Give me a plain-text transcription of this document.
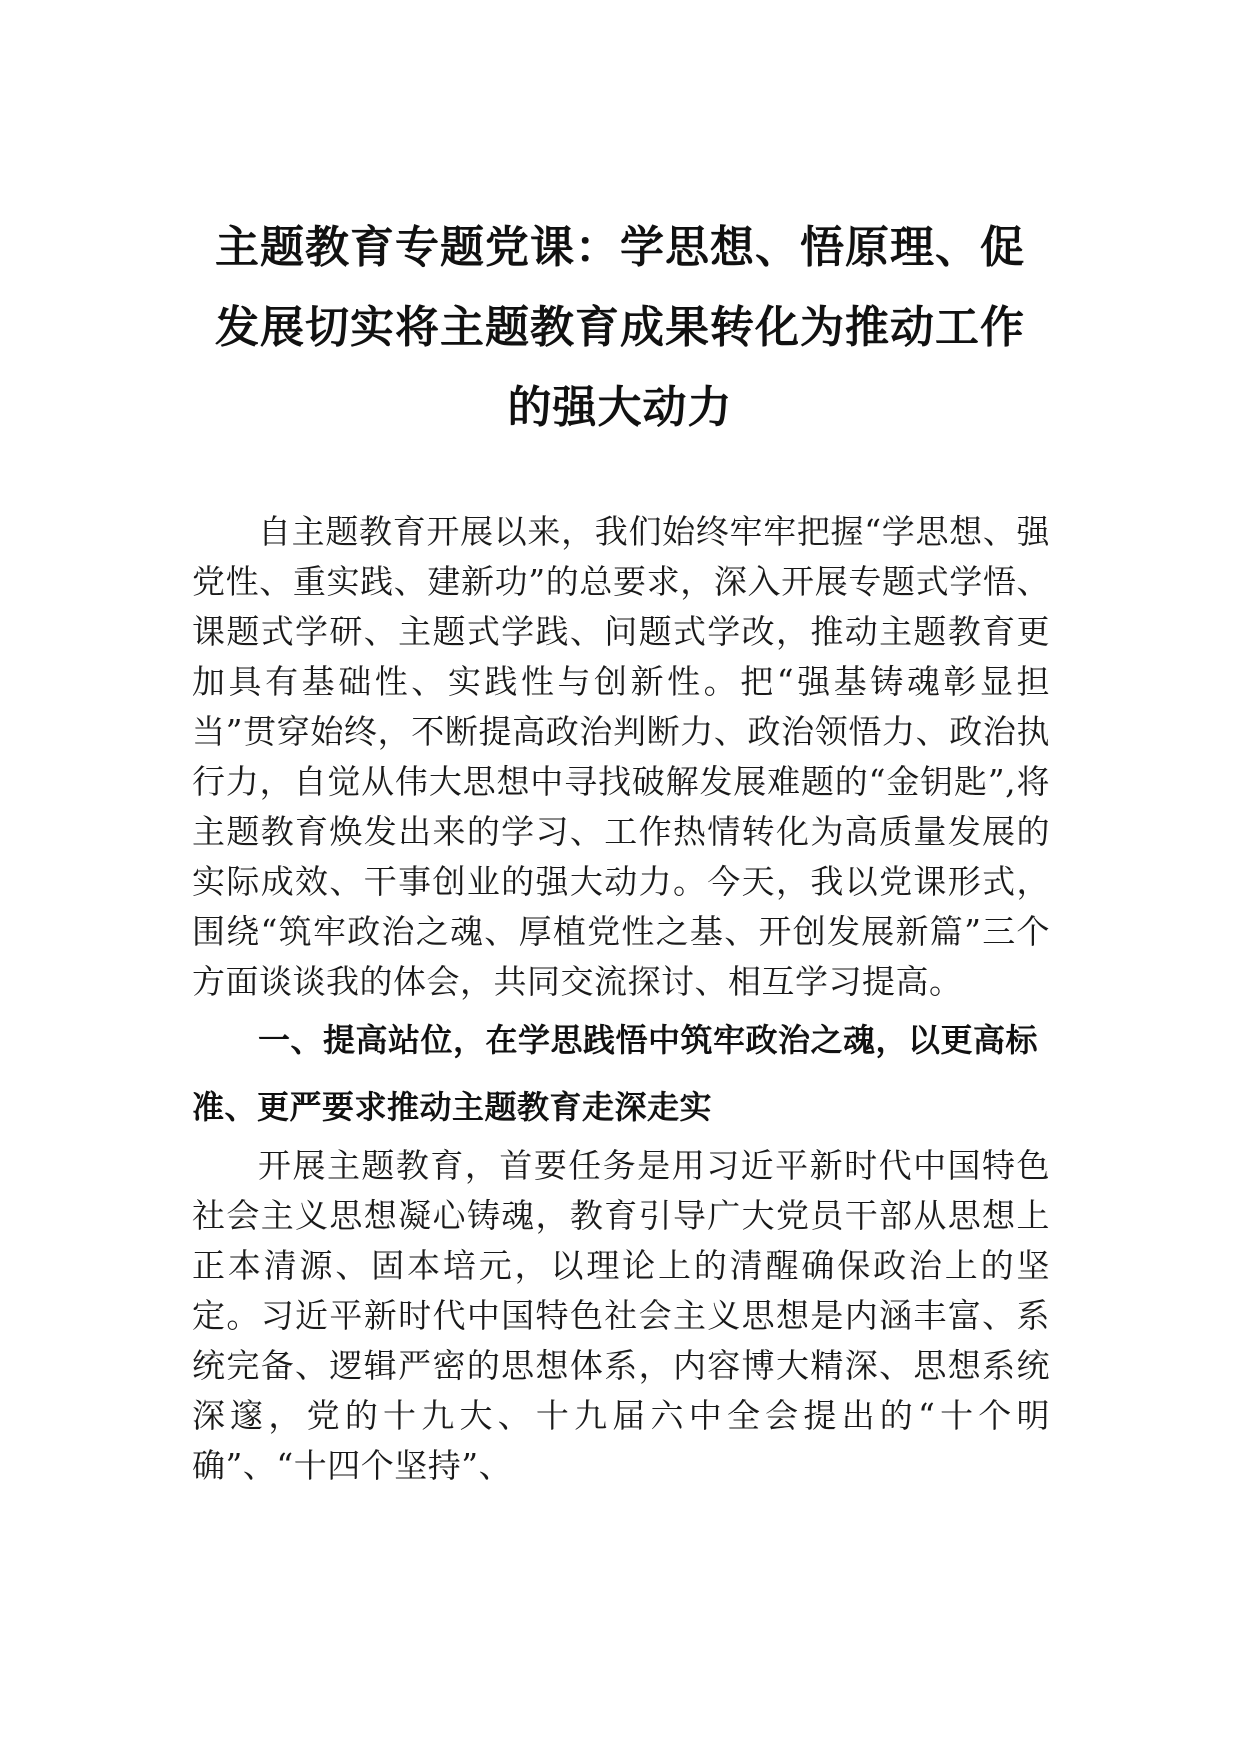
主题教育专题党课：学思想、悟原理、促
发展切实将主题教育成果转化为推动工作
的强大动力

自主题教育开展以来，我们始终牢牢把握“学思想、强党性、重实践、建新功”的总要求，深入开展专题式学悟、课题式学研、主题式学践、问题式学改，推动主题教育更加具有基础性、实践性与创新性。把“强基铸魂彰显担当”贯穿始终，不断提高政治判断力、政治领悟力、政治执行力，自觉从伟大思想中寻找破解发展难题的“金钥匙”,将主题教育焕发出来的学习、工作热情转化为高质量发展的实际成效、干事创业的强大动力。今天，我以党课形式，围绕“筑牢政治之魂、厚植党性之基、开创发展新篇”三个方面谈谈我的体会，共同交流探讨、相互学习提高。

一、提高站位，在学思践悟中筑牢政治之魂，以更高标准、更严要求推动主题教育走深走实

开展主题教育，首要任务是用习近平新时代中国特色社会主义思想凝心铸魂，教育引导广大党员干部从思想上正本清源、固本培元，以理论上的清醒确保政治上的坚定。习近平新时代中国特色社会主义思想是内涵丰富、系统完备、逻辑严密的思想体系，内容博大精深、思想系统深邃，党的十九大、十九届六中全会提出的“十个明确”、“十四个坚持”、
